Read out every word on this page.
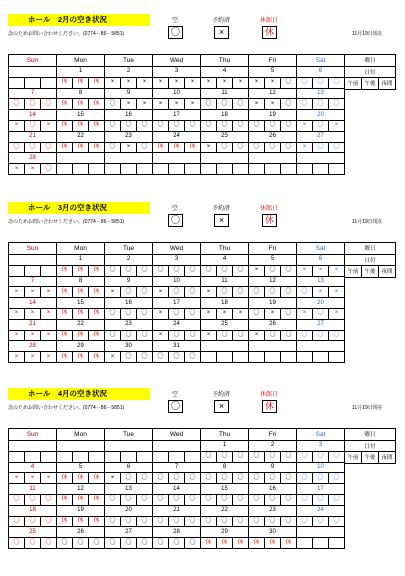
ホール　2月の空き状況
念のためお問い合わせください。(0774－86－5851)
空
〇
予約済
×
休館日
休	11月19日現在
Sun			Mon			Tue			Wed			Thu			Fri			Sat		
			1			2			3			4			5			6		
			休	休	休	×	×	×	×	×	×	×	×	×	×	×	〇	〇	〇	〇
7			8			9			10			11			12			13		
〇	〇	〇	休	休	休	〇	×	×	×	×	×	〇	〇	〇	×	×	〇	〇	〇	〇
14			15			16			17			18			19			20		
×	〇	×	休	休	休	〇	〇	〇	〇	〇	〇	〇	〇	〇	〇	〇	〇	×	〇	×
21			22			23			24			25			26			27		
〇	〇	〇	休	休	休	〇	×	〇	休	休	休	×	〇	〇	〇	〇	〇	×	〇	〇
28																				
×	×	〇																		
曜日
日付
午前	午後	夜間
ホール　3月の空き状況
念のためお問い合わせください。(0774－86－5851)
空
〇
予約済
×
休館日
休	11月19日現在
Sun			Mon			Tue			Wed			Thu			Fri			Sat		
			1			2			3			4			5			6		
			休	休	休	〇	〇	〇	〇	〇	〇	〇	〇	〇	×	〇	〇	×	×	×
7			8			9			10			11			12			13		
×	×	×	休	休	休	×	〇	〇	×	〇	〇	×	〇	〇	〇	〇	〇	〇	×	×
14			15			16			17			18			19			20		
×	×	×	休	休	休	〇	〇	〇	×	〇	〇	×	×	×	〇	×	〇	×	〇	×
21			22			23			24			25			26			27		
×	×	×	休	休	休	〇	〇	〇	×	〇	〇	×	〇	〇	×	〇	〇	〇	〇	〇
28			29			30			31											
×	×	×	休	休	休	×	〇	〇	〇	〇	〇									
曜日
日付
午前	午後	夜間
ホール　4月の空き状況
念のためお問い合わせください。(0774－86－5851)
空
〇
予約済
×
休館日
休	11月19日現在
Sun			Mon			Tue			Wed			Thu			Fri			Sat		
												1			2			3		
												〇	〇	〇	〇	〇	〇	〇	〇	〇
4			5			6			7			8			9			10		
×	×	×	休	休	休	×	〇	〇	〇	〇	〇	〇	〇	〇	〇	〇	〇	〇	〇	〇
11			12			13			14			15			16			17		
〇	〇	〇	休	休	休	〇	〇	〇	〇	〇	〇	〇	〇	〇	〇	〇	〇	〇	〇	〇
18			19			20			21			22			23			24		
〇	〇	〇	休	休	休	〇	〇	〇	〇	〇	〇	〇	〇	〇	〇	〇	〇	〇	〇	〇
25			26			27			28			29			30					
〇	〇	〇	〇	〇	〇	〇	〇	〇	〇	〇	〇	休	休	休	休	休	休			
曜日
日付
午前	午後	夜間
